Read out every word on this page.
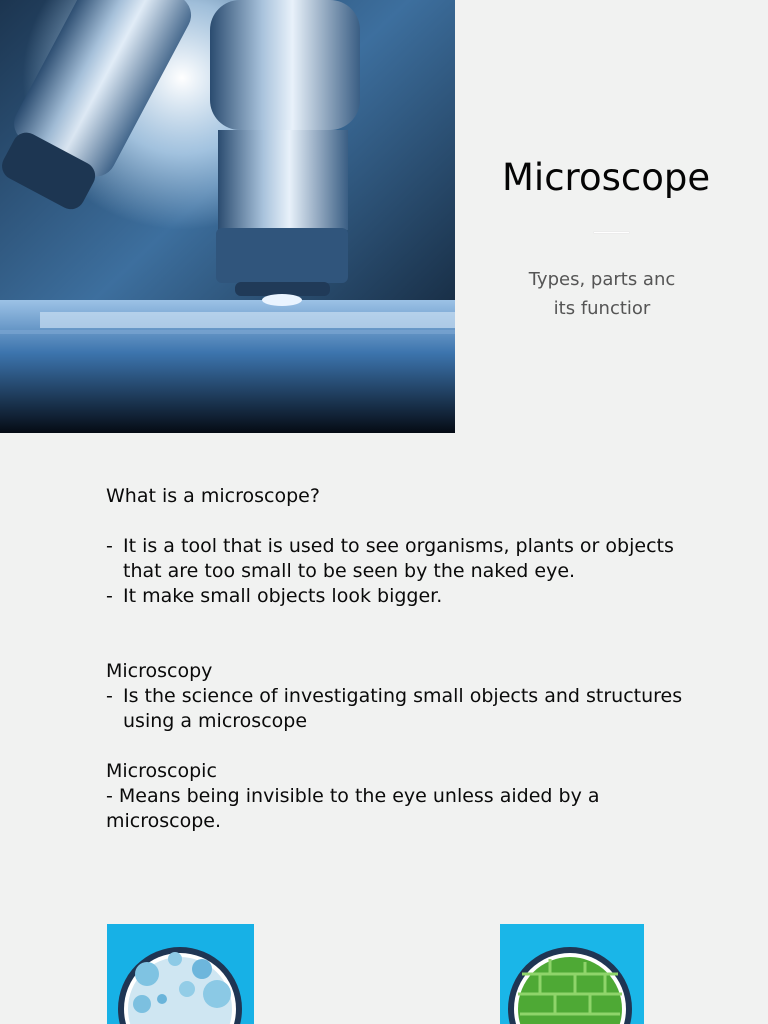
Microscope
Types, parts anc
its functior

What is a microscope?

- It is a tool that is used to see organisms, plants or objects that are too small to be seen by the naked eye.

- It make small objects look bigger.

Microscopy

- Is the science of investigating small objects and structures using a microscope

Microscopic

- Means being invisible to the eye unless aided by a microscope.
